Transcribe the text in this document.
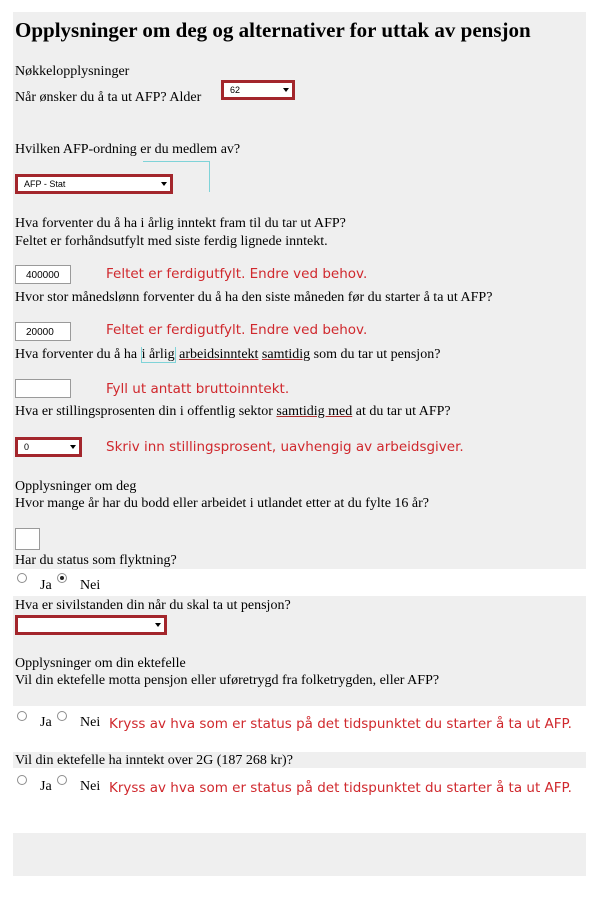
Opplysninger om deg og alternativer for uttak av pensjon
Nøkkelopplysninger
Når ønsker du å ta ut AFP? Alder	62
Hvilken AFP-ordning er du medlem av?
AFP - Stat
Hva forventer du å ha i årlig inntekt fram til du tar ut AFP?
Feltet er forhåndsutfylt med siste ferdig lignede inntekt.
400000	Feltet er ferdigutfylt. Endre ved behov.
Hvor stor månedslønn forventer du å ha den siste måneden før du starter å ta ut AFP?
20000	Feltet er ferdigutfylt. Endre ved behov.
Hva forventer du å ha i årlig arbeidsinntekt samtidig som du tar ut pensjon?
Fyll ut antatt bruttoinntekt.
Hva er stillingsprosenten din i offentlig sektor samtidig med at du tar ut AFP?
0	Skriv inn stillingsprosent, uavhengig av arbeidsgiver.
Opplysninger om deg
Hvor mange år har du bodd eller arbeidet i utlandet etter at du fylte 16 år?
Har du status som flyktning?
Ja Nei
Hva er sivilstanden din når du skal ta ut pensjon?
Opplysninger om din ektefelle
Vil din ektefelle motta pensjon eller uføretrygd fra folketrygden, eller AFP?
Ja Nei Kryss av hva som er status på det tidspunktet du starter å ta ut AFP.
Vil din ektefelle ha inntekt over 2G (187 268 kr)?
Ja Nei Kryss av hva som er status på det tidspunktet du starter å ta ut AFP.
